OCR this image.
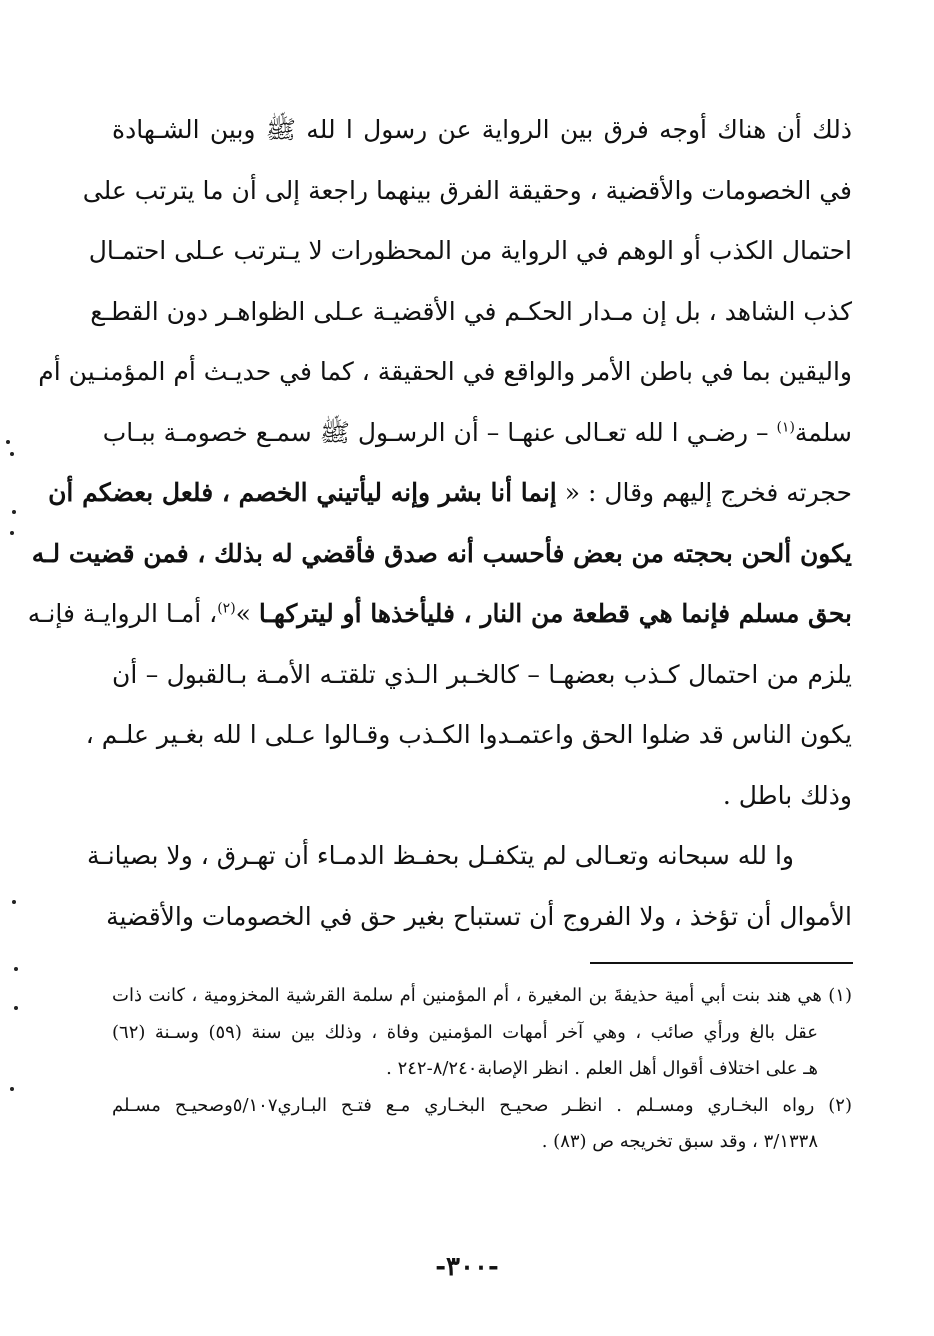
ذلك أن هناك أوجه فرق بين الرواية عن رسول ا لله ﷺ وبين الشـهادة
في الخصومات والأقضية ، وحقيقة الفرق بينهما راجعة إلى أن ما يترتب على
احتمال الكذب أو الوهم في الرواية من المحظورات لا يـترتب عـلى احتمـال
كذب الشاهد ، بل إن مـدار الحكـم في الأقضيـة عـلى الظواهـر دون القطـع
واليقين بما في باطن الأمر والواقع في الحقيقة ، كما في حديـث أم المؤمنـين أم
سلمة$^{(١)}$ – رضـي ا لله تعـالى عنهـا – أن الرسـول ﷺ سمـع خصومـة ببـاب
حجرته فخرج إليهم وقال : « إنما أنا بشر وإنه ليأتيني الخصم ، فلعل بعضكم أن
يكون ألحن بحجته من بعض فأحسب أنه صدق فأقضي له بذلك ، فمن قضيت لـه
بحق مسلم فإنما هي قطعة من النار ، فليأخذها أو ليتركهـا »$^{(٢)}$، أمـا الروايـة فإنـه
يلزم من احتمال كـذب بعضهـا – كالخـبر الـذي تلقتـه الأمـة بـالقبول – أن
يكون الناس قد ضلوا الحق واعتمـدوا الكـذب وقـالوا عـلى ا لله بغـير علـم ،
وذلك باطل .
وا لله سبحانه وتعـالى لم يتكفـل بحفـظ الدمـاء أن تهـرق ، ولا بصيانـة
الأموال أن تؤخذ ، ولا الفروج أن تستباح بغير حق في الخصومات والأقضية
(١) هي هند بنت أبي أمية حذيفةَ بن المغيرة ، أم المؤمنين أم سلمة القرشية المخزومية ، كانت ذات
عقل بالغ ورأي صائب ، وهي آخر أمهات المؤمنين وفاة ، وذلك بين سنة (٥٩) وسـنة (٦٢)
هـ على اختلاف أقوال أهل العلم . انظر الإصابة٨/٢٤٠-٢٤٢ .
(٢) رواه البخـاري ومسـلم . انظـر صحيـح البخـاري مـع فتـح البـاري٥/١٠٧وصحيـح مسـلم
٣/١٣٣٨ ، وقد سبق تخريجه ص (٨٣) .
-٣٠٠-
